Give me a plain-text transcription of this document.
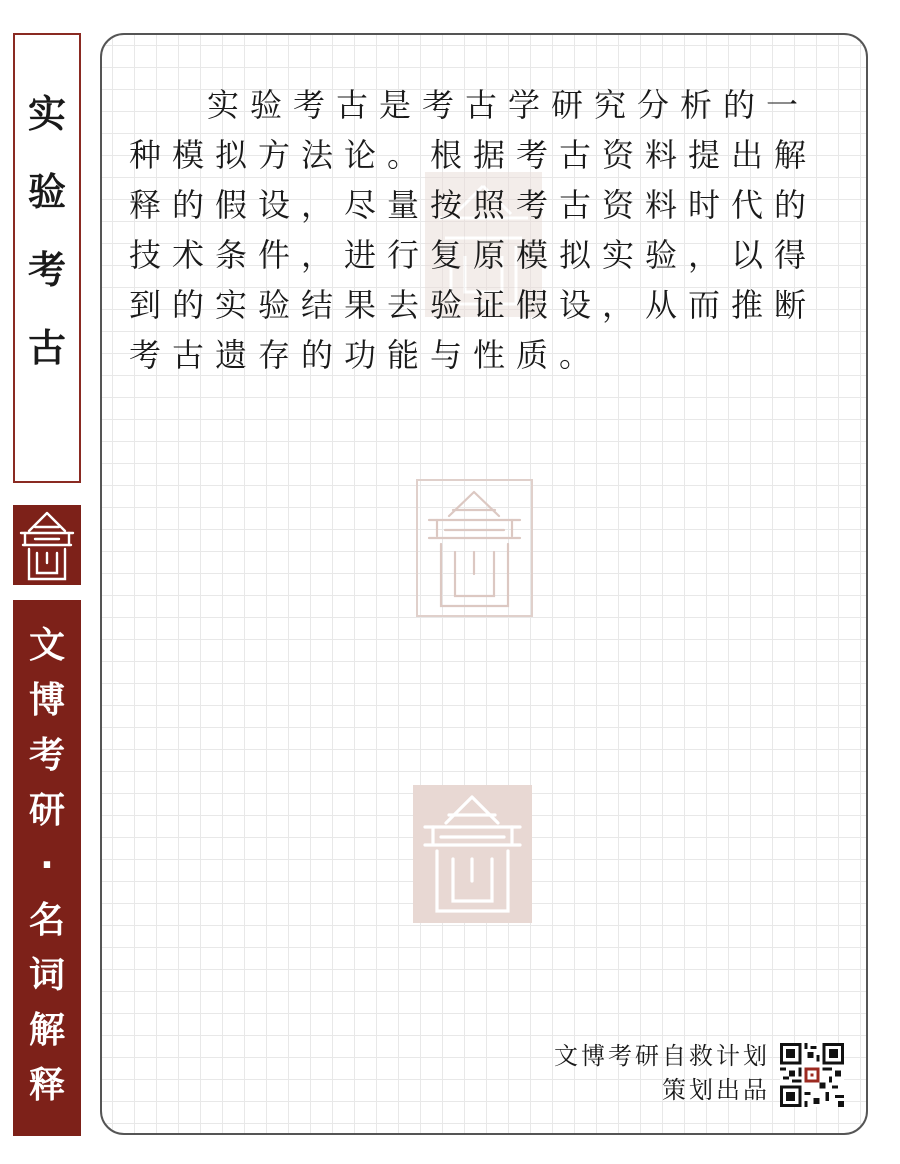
实
验
考
古
文
博
考
研
·
名
词
解
释

实验考古是考古学研究分析的一种模拟方法论。根据考古资料提出解释的假设，尽量按照考古资料时代的技术条件，进行复原模拟实验，以得到的实验结果去验证假设，从而推断考古遗存的功能与性质。

文博考研自救计划
策划出品
